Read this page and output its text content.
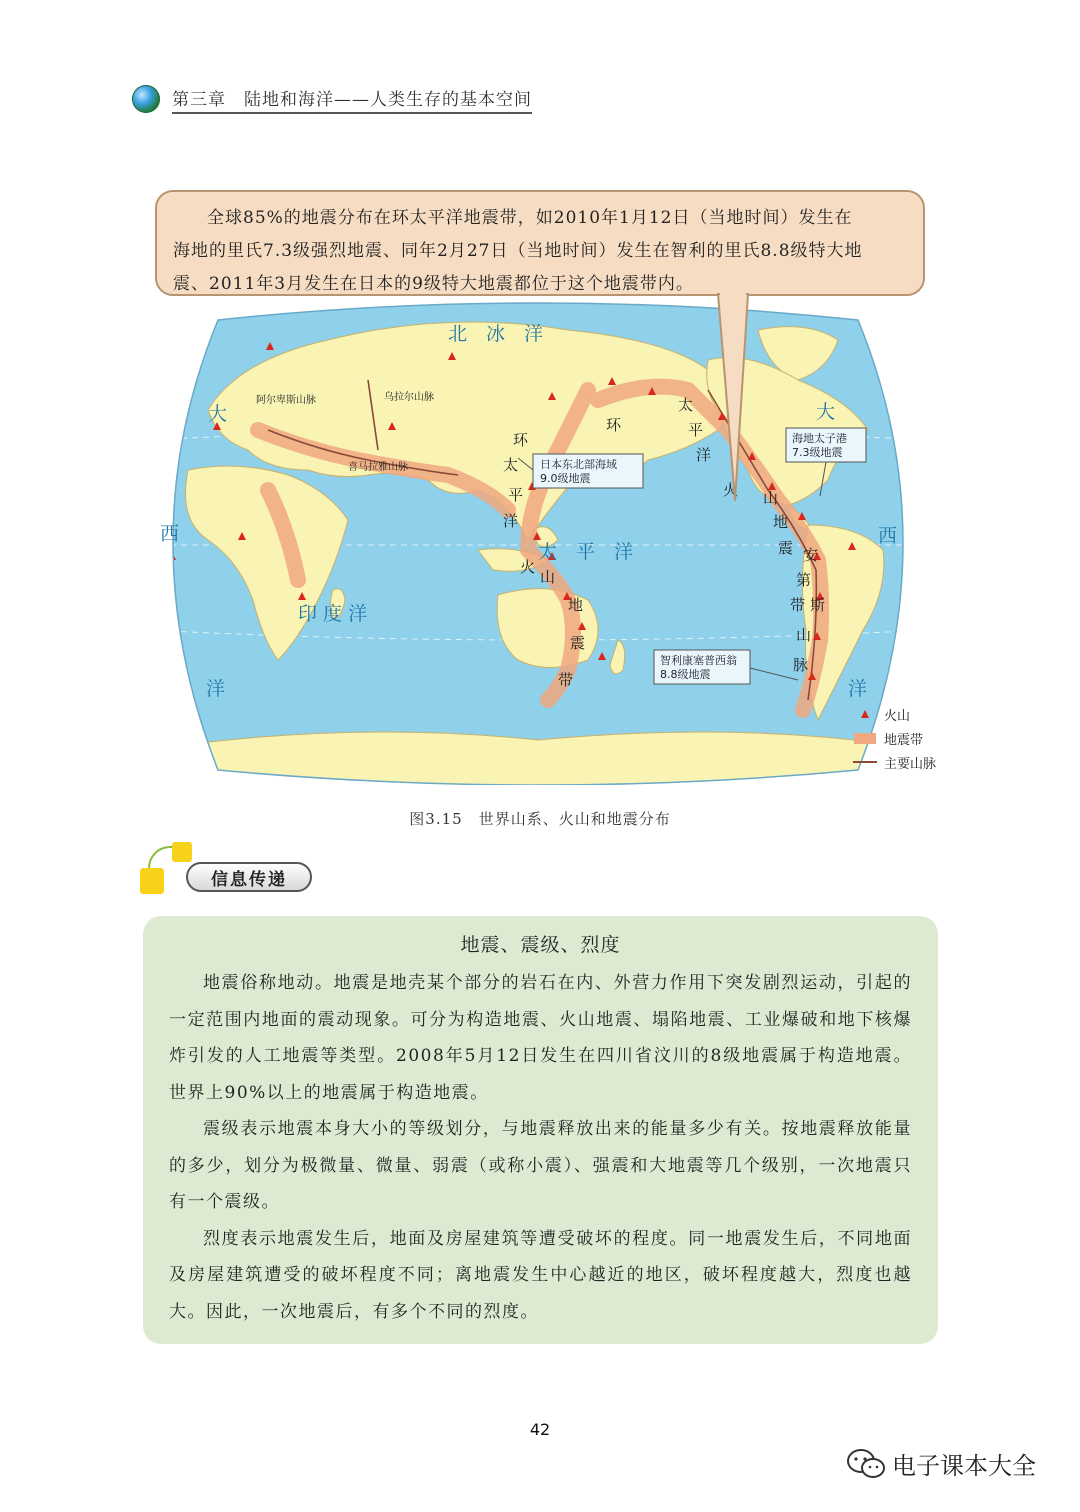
第三章　陆地和海洋——人类生存的基本空间
全球85%的地震分布在环太平洋地震带，如2010年1月12日（当地时间）发生在
海地的里氏7.3级强烈地震、同年2月27日（当地时间）发生在智利的里氏8.8级特大地
震、2011年3月发生在日本的9级特大地震都位于这个地震带内。
北　冰　洋
大
西
洋
印 度 洋
太　平　洋
大
西
洋
环
太
平
洋
火
山
地
震
带
环
太
平
洋
火 山
地
震
带
安
第
斯
山
脉
阿尔卑斯山脉
喜马拉雅山脉
乌拉尔山脉
日本东北部海域
9.0级地震
海地太子港
7.3级地震
智利康塞普西翁
8.8级地震
火山
地震带
主要山脉
图3.15　世界山系、火山和地震分布
信息传递
地震、震级、烈度

地震俗称地动。地震是地壳某个部分的岩石在内、外营力作用下突发剧烈运动，引起的一定范围内地面的震动现象。可分为构造地震、火山地震、塌陷地震、工业爆破和地下核爆炸引发的人工地震等类型。2008年5月12日发生在四川省汶川的8级地震属于构造地震。世界上90%以上的地震属于构造地震。

震级表示地震本身大小的等级划分，与地震释放出来的能量多少有关。按地震释放能量的多少，划分为极微量、微量、弱震（或称小震）、强震和大地震等几个级别，一次地震只有一个震级。

烈度表示地震发生后，地面及房屋建筑等遭受破坏的程度。同一地震发生后，不同地面及房屋建筑遭受的破坏程度不同；离地震发生中心越近的地区，破坏程度越大，烈度也越大。因此，一次地震后，有多个不同的烈度。

42
电子课本大全
